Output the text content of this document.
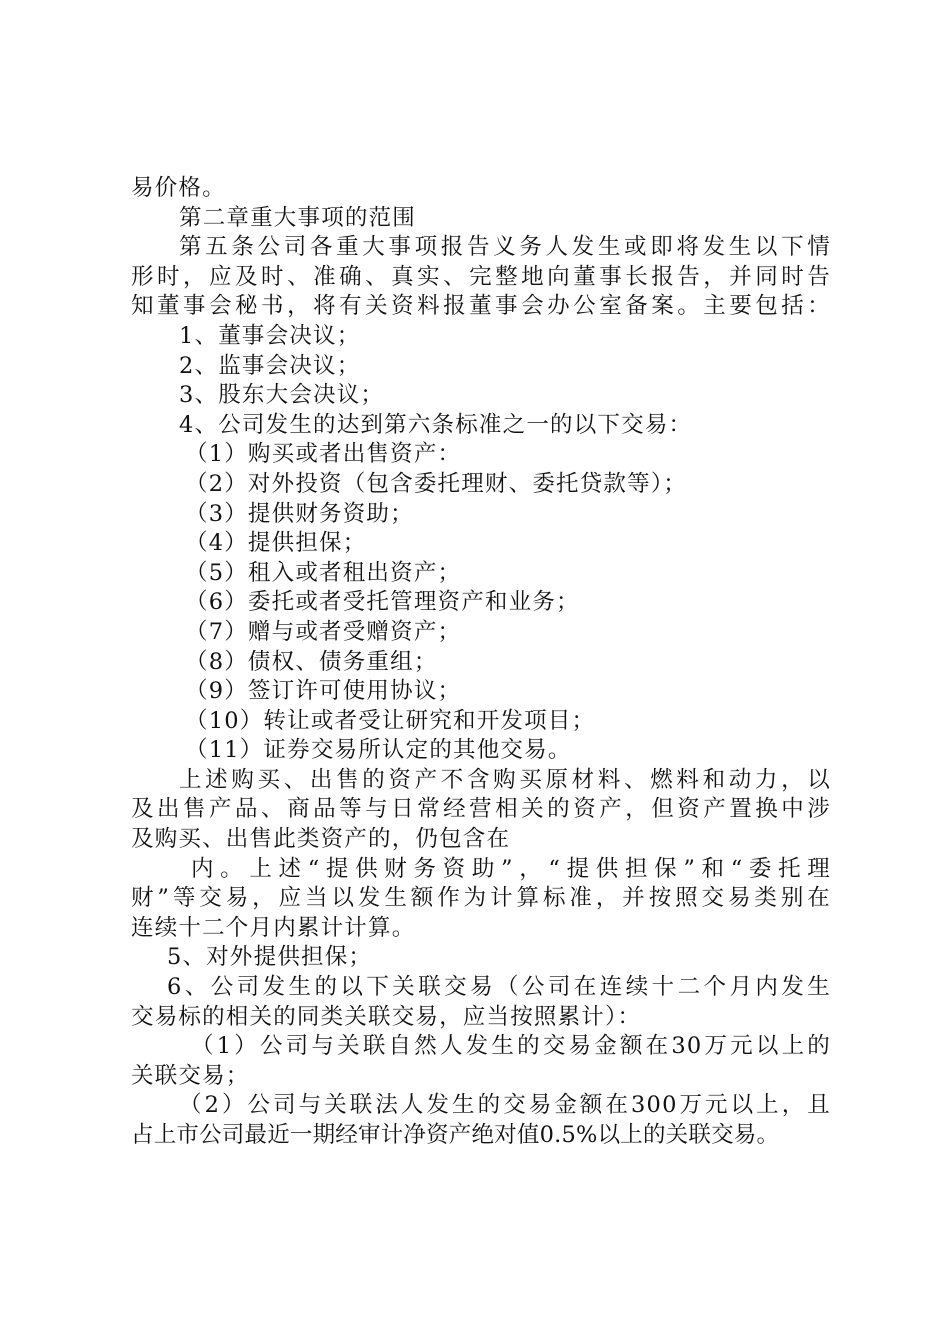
易价格。
第二章重大事项的范围
第五条公司各重大事项报告义务人发生或即将发生以下情
形时，应及时、准确、真实、完整地向董事长报告，并同时告
知董事会秘书，将有关资料报董事会办公室备案。主要包括：
1、董事会决议；
2、监事会决议；
3、股东大会决议；
4、公司发生的达到第六条标准之一的以下交易：
（1）购买或者出售资产：
（2）对外投资（包含委托理财、委托贷款等）；
（3）提供财务资助；
（4）提供担保；
（5）租入或者租出资产；
（6）委托或者受托管理资产和业务；
（7）赠与或者受赠资产；
（8）债权、债务重组；
（9）签订许可使用协议；
（10）转让或者受让研究和开发项目；
（11）证券交易所认定的其他交易。
上述购买、出售的资产不含购买原材料、燃料和动力，以
及出售产品、商品等与日常经营相关的资产，但资产置换中涉
及购买、出售此类资产的，仍包含在
内。上述“提供财务资助”，“提供担保”和“委托理
财”等交易，应当以发生额作为计算标准，并按照交易类别在
连续十二个月内累计计算。
5、对外提供担保；
6、公司发生的以下关联交易（公司在连续十二个月内发生
交易标的相关的同类关联交易，应当按照累计）：
（1）公司与关联自然人发生的交易金额在30万元以上的
关联交易；
（2）公司与关联法人发生的交易金额在300万元以上，且
占上市公司最近一期经审计净资产绝对值0.5%以上的关联交易。
